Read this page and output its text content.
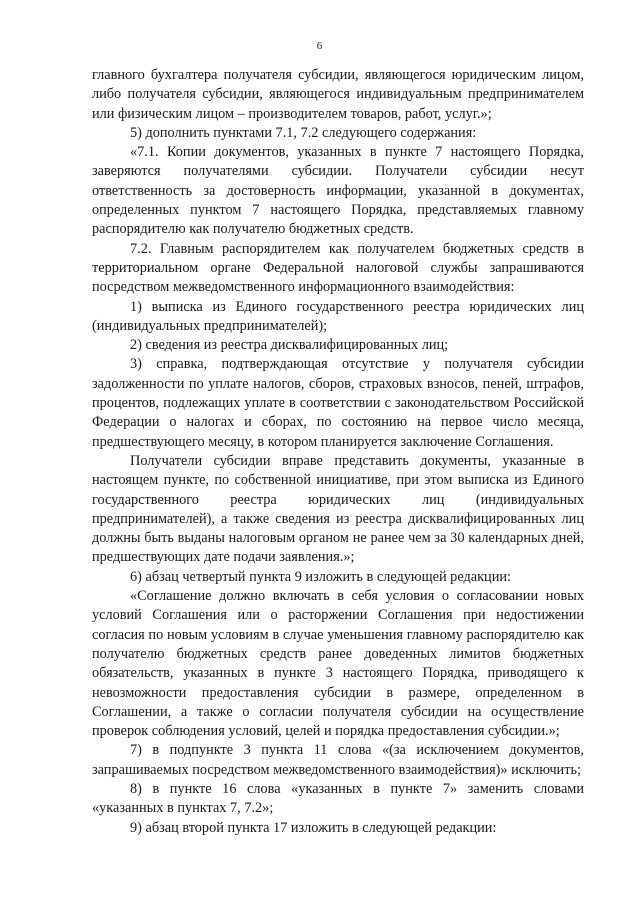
6

главного бухгалтера получателя субсидии, являющегося юридическим лицом, либо получателя субсидии, являющегося индивидуальным предпринимателем или физическим лицом – производителем товаров, работ, услуг.»;

5) дополнить пунктами 7.1, 7.2 следующего содержания:

«7.1. Копии документов, указанных в пункте 7 настоящего Порядка, заверяются получателями субсидии. Получатели субсидии несут ответственность за достоверность информации, указанной в документах, определенных пунктом 7 настоящего Порядка, представляемых главному распорядителю как получателю бюджетных средств.

7.2. Главным распорядителем как получателем бюджетных средств в территориальном органе Федеральной налоговой службы запрашиваются посредством межведомственного информационного взаимодействия:

1) выписка из Единого государственного реестра юридических лиц (индивидуальных предпринимателей);

2) сведения из реестра дисквалифицированных лиц;

3) справка, подтверждающая отсутствие у получателя субсидии задолженности по уплате налогов, сборов, страховых взносов, пеней, штрафов, процентов, подлежащих уплате в соответствии с законодательством Российской Федерации о налогах и сборах, по состоянию на первое число месяца, предшествующего месяцу, в котором планируется заключение Соглашения.

Получатели субсидии вправе представить документы, указанные в настоящем пункте, по собственной инициативе, при этом выписка из Единого государственного реестра юридических лиц (индивидуальных предпринимателей), а также сведения из реестра дисквалифицированных лиц должны быть выданы налоговым органом не ранее чем за 30 календарных дней, предшествующих дате подачи заявления.»;

6) абзац четвертый пункта 9 изложить в следующей редакции:

«Соглашение должно включать в себя условия о согласовании новых условий Соглашения или о расторжении Соглашения при недостижении согласия по новым условиям в случае уменьшения главному распорядителю как получателю бюджетных средств ранее доведенных лимитов бюджетных обязательств, указанных в пункте 3 настоящего Порядка, приводящего к невозможности предоставления субсидии в размере, определенном в Соглашении, а также о согласии получателя субсидии на осуществление проверок соблюдения условий, целей и порядка предоставления субсидии.»;

7) в подпункте 3 пункта 11 слова «(за исключением документов, запрашиваемых посредством межведомственного взаимодействия)» исключить;

8) в пункте 16 слова «указанных в пункте 7» заменить словами «указанных в пунктах 7, 7.2»;

9) абзац второй пункта 17 изложить в следующей редакции:
